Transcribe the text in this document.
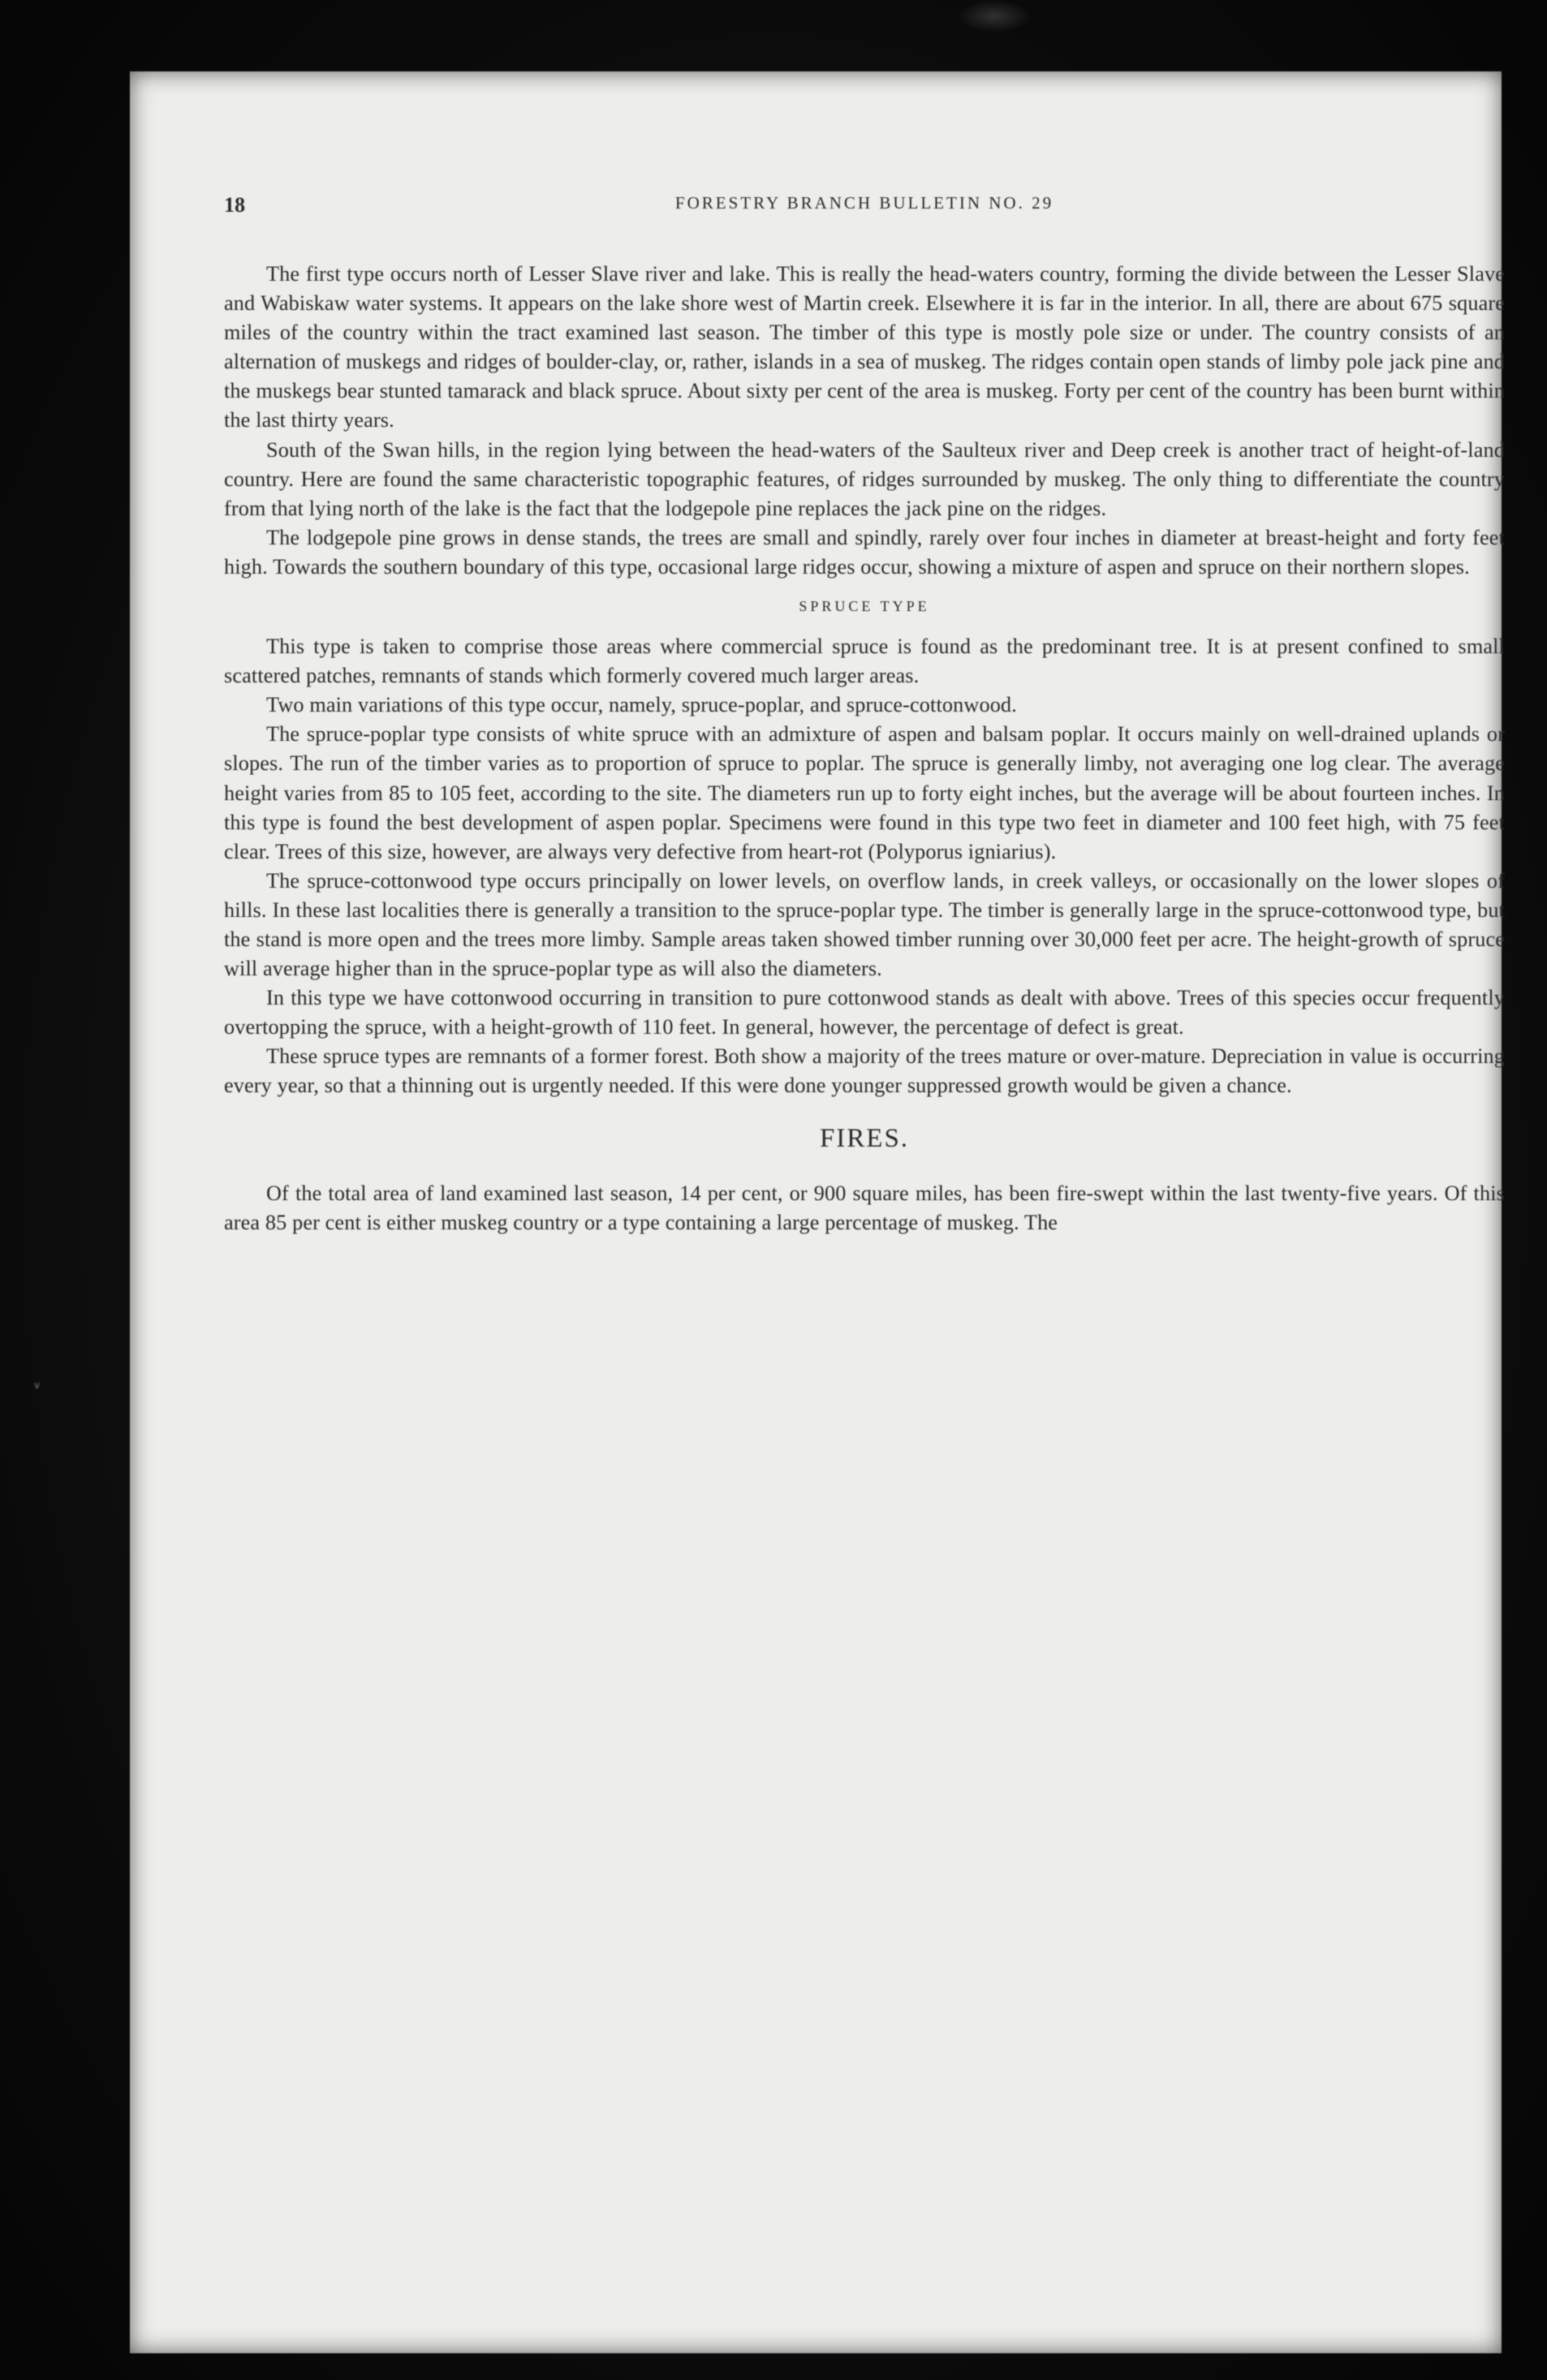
18	FORESTRY BRANCH BULLETIN NO. 29
v

The first type occurs north of Lesser Slave river and lake. This is really the head-waters country, forming the divide between the Lesser Slave and Wabiskaw water systems. It appears on the lake shore west of Martin creek. Elsewhere it is far in the interior. In all, there are about 675 square miles of the country within the tract examined last season. The timber of this type is mostly pole size or under. The country consists of an alternation of muskegs and ridges of boulder-clay, or, rather, islands in a sea of muskeg. The ridges contain open stands of limby pole jack pine and the muskegs bear stunted tamarack and black spruce. About sixty per cent of the area is muskeg. Forty per cent of the country has been burnt within the last thirty years.

South of the Swan hills, in the region lying between the head-waters of the Saulteux river and Deep creek is another tract of height-of-land country. Here are found the same characteristic topographic features, of ridges surrounded by muskeg. The only thing to differentiate the country from that lying north of the lake is the fact that the lodgepole pine replaces the jack pine on the ridges.

The lodgepole pine grows in dense stands, the trees are small and spindly, rarely over four inches in diameter at breast-height and forty feet high. Towards the southern boundary of this type, occasional large ridges occur, showing a mixture of aspen and spruce on their northern slopes.

SPRUCE TYPE

This type is taken to comprise those areas where commercial spruce is found as the predominant tree. It is at present confined to small scattered patches, remnants of stands which formerly covered much larger areas.

Two main variations of this type occur, namely, spruce-poplar, and spruce-cottonwood.

The spruce-poplar type consists of white spruce with an admixture of aspen and balsam poplar. It occurs mainly on well-drained uplands or slopes. The run of the timber varies as to proportion of spruce to poplar. The spruce is generally limby, not averaging one log clear. The average height varies from 85 to 105 feet, according to the site. The diameters run up to forty eight inches, but the average will be about fourteen inches. In this type is found the best development of aspen poplar. Specimens were found in this type two feet in diameter and 100 feet high, with 75 feet clear. Trees of this size, however, are always very defective from heart-rot (Polyporus igniarius).

The spruce-cottonwood type occurs principally on lower levels, on overflow lands, in creek valleys, or occasionally on the lower slopes of hills. In these last localities there is generally a transition to the spruce-poplar type. The timber is generally large in the spruce-cottonwood type, but the stand is more open and the trees more limby. Sample areas taken showed timber running over 30,000 feet per acre. The height-growth of spruce will average higher than in the spruce-poplar type as will also the diameters.

In this type we have cottonwood occurring in transition to pure cottonwood stands as dealt with above. Trees of this species occur frequently overtopping the spruce, with a height-growth of 110 feet. In general, however, the percentage of defect is great.

These spruce types are remnants of a former forest. Both show a majority of the trees mature or over-mature. Depreciation in value is occurring every year, so that a thinning out is urgently needed. If this were done younger suppressed growth would be given a chance.

FIRES.

Of the total area of land examined last season, 14 per cent, or 900 square miles, has been fire-swept within the last twenty-five years. Of this area 85 per cent is either muskeg country or a type containing a large percentage of muskeg. The
